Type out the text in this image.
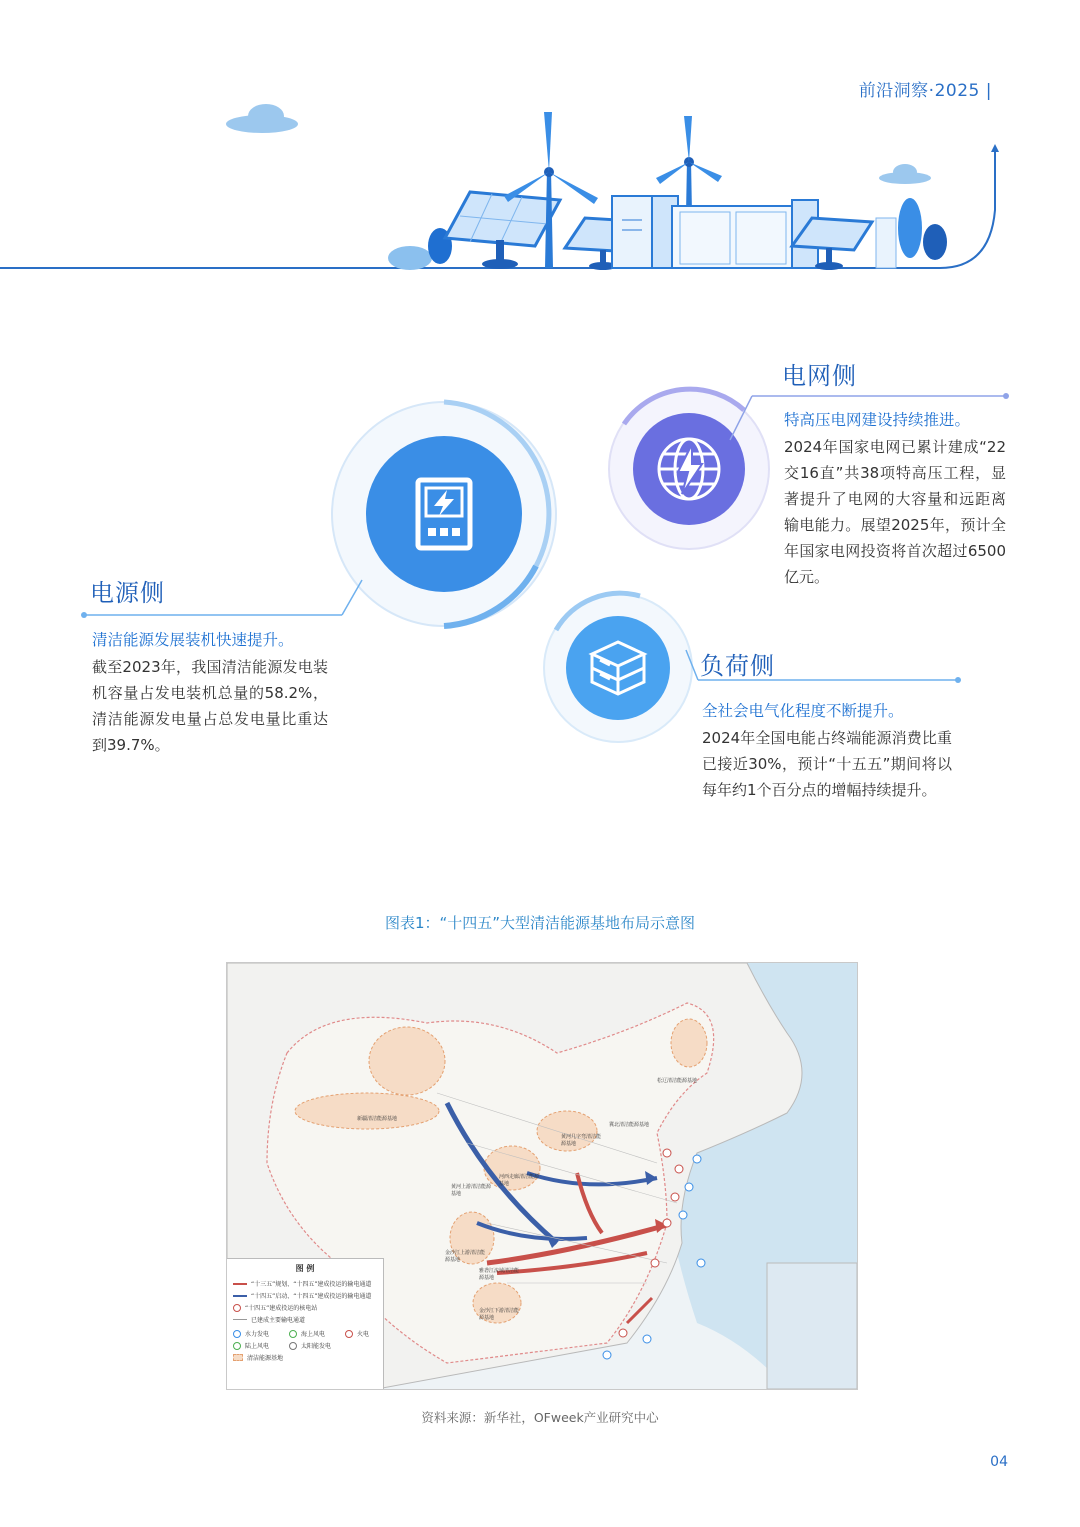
前沿洞察·2025 |
电网侧

特高压电网建设持续推进。

2024年国家电网已累计建成“22交16直”共38项特高压工程，显著提升了电网的大容量和远距离输电能力。展望2025年，预计全年国家电网投资将首次超过6500亿元。
电源侧

清洁能源发展装机快速提升。

截至2023年，我国清洁能源发电装机容量占发电装机总量的58.2%，清洁能源发电量占总发电量比重达到39.7%。
负荷侧

全社会电气化程度不断提升。

2024年全国电能占终端能源消费比重已接近30%，预计“十五五”期间将以每年约1个百分点的增幅持续提升。
图表1：“十四五”大型清洁能源基地布局示意图
新疆清洁能源基地
松辽清洁能源基地
冀北清洁能源基地
黄河几字弯清洁能源基地
河西走廊清洁能源基地
黄河上游清洁能源基地
金沙江上游清洁能源基地
雅砻江流域清洁能源基地
金沙江下游清洁能源基地
图 例
“十三五”规划、“十四五”建成投运的输电通道
“十四五”启动、“十四五”建成投运的输电通道
“十四五”建成投运的核电站
已建成主要输电通道
水力发电	海上风电	火电
陆上风电	太阳能发电
清洁能源基地
资料来源：新华社，OFweek产业研究中心
04
